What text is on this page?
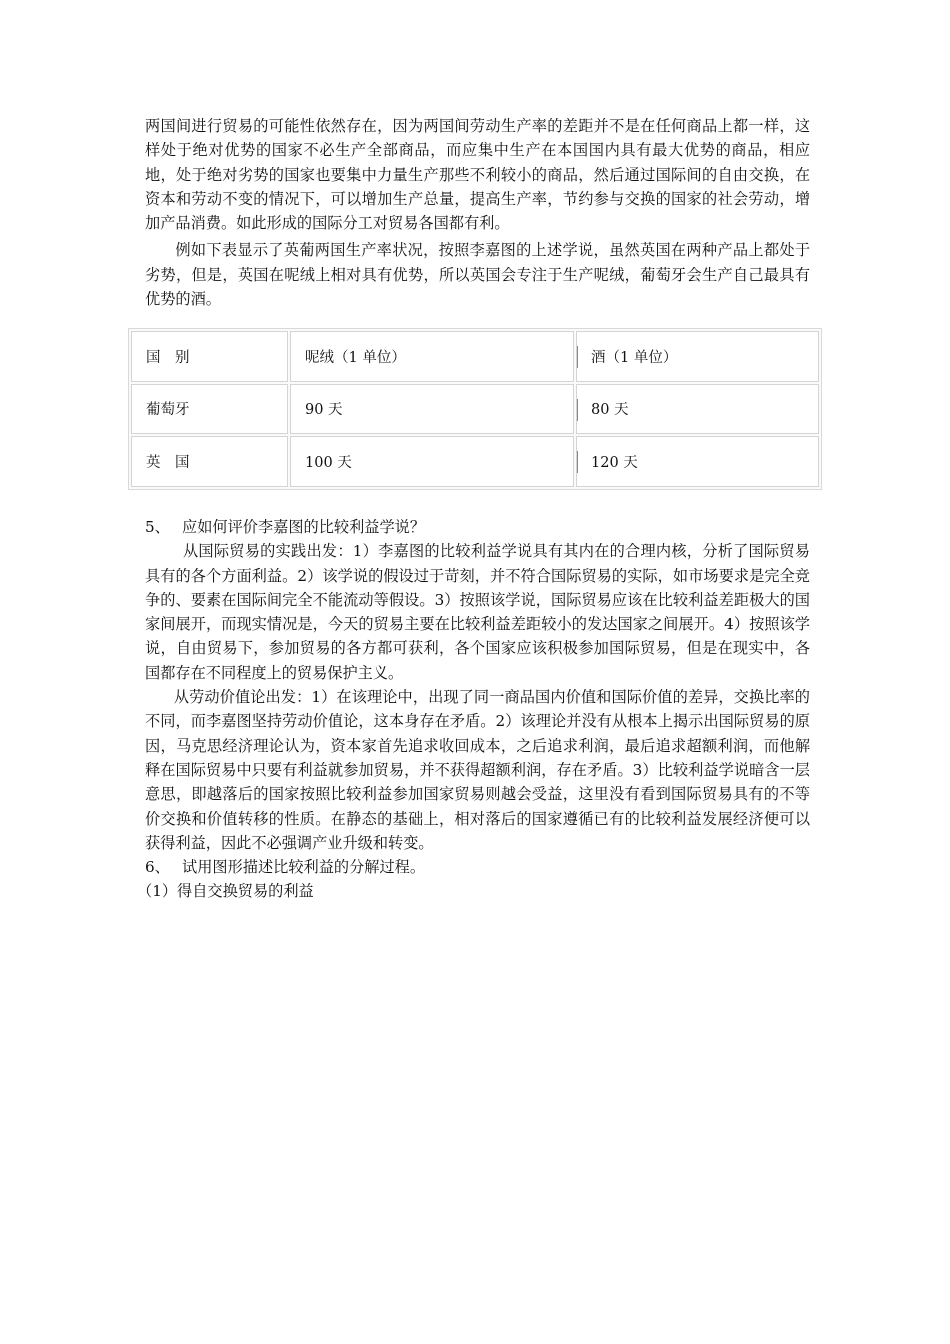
两国间进行贸易的可能性依然存在，因为两国间劳动生产率的差距并不是在任何商品上都一样，这样处于绝对优势的国家不必生产全部商品，而应集中生产在本国国内具有最大优势的商品，相应地，处于绝对劣势的国家也要集中力量生产那些不利较小的商品，然后通过国际间的自由交换，在资本和劳动不变的情况下，可以增加生产总量，提高生产率，节约参与交换的国家的社会劳动，增加产品消费。如此形成的国际分工对贸易各国都有利。

例如下表显示了英葡两国生产率状况，按照李嘉图的上述学说，虽然英国在两种产品上都处于劣势，但是，英国在呢绒上相对具有优势，所以英国会专注于生产呢绒，葡萄牙会生产自己最具有优势的酒。

国　别	呢绒（1 单位）	酒（1 单位）
葡萄牙	90 天	80 天
英　国	100 天	120 天

5、 应如何评价李嘉图的比较利益学说？

从国际贸易的实践出发：1）李嘉图的比较利益学说具有其内在的合理内核，分析了国际贸易具有的各个方面利益。2）该学说的假设过于苛刻，并不符合国际贸易的实际，如市场要求是完全竞争的、要素在国际间完全不能流动等假设。3）按照该学说，国际贸易应该在比较利益差距极大的国家间展开，而现实情况是，今天的贸易主要在比较利益差距较小的发达国家之间展开。4）按照该学说，自由贸易下，参加贸易的各方都可获利，各个国家应该积极参加国际贸易，但是在现实中，各国都存在不同程度上的贸易保护主义。

从劳动价值论出发：1）在该理论中，出现了同一商品国内价值和国际价值的差异，交换比率的不同，而李嘉图坚持劳动价值论，这本身存在矛盾。2）该理论并没有从根本上揭示出国际贸易的原因，马克思经济理论认为，资本家首先追求收回成本，之后追求利润，最后追求超额利润，而他解释在国际贸易中只要有利益就参加贸易，并不获得超额利润，存在矛盾。3）比较利益学说暗含一层意思，即越落后的国家按照比较利益参加国家贸易则越会受益，这里没有看到国际贸易具有的不等价交换和价值转移的性质。在静态的基础上，相对落后的国家遵循已有的比较利益发展经济便可以获得利益，因此不必强调产业升级和转变。

6、 试用图形描述比较利益的分解过程。

（1）得自交换贸易的利益
